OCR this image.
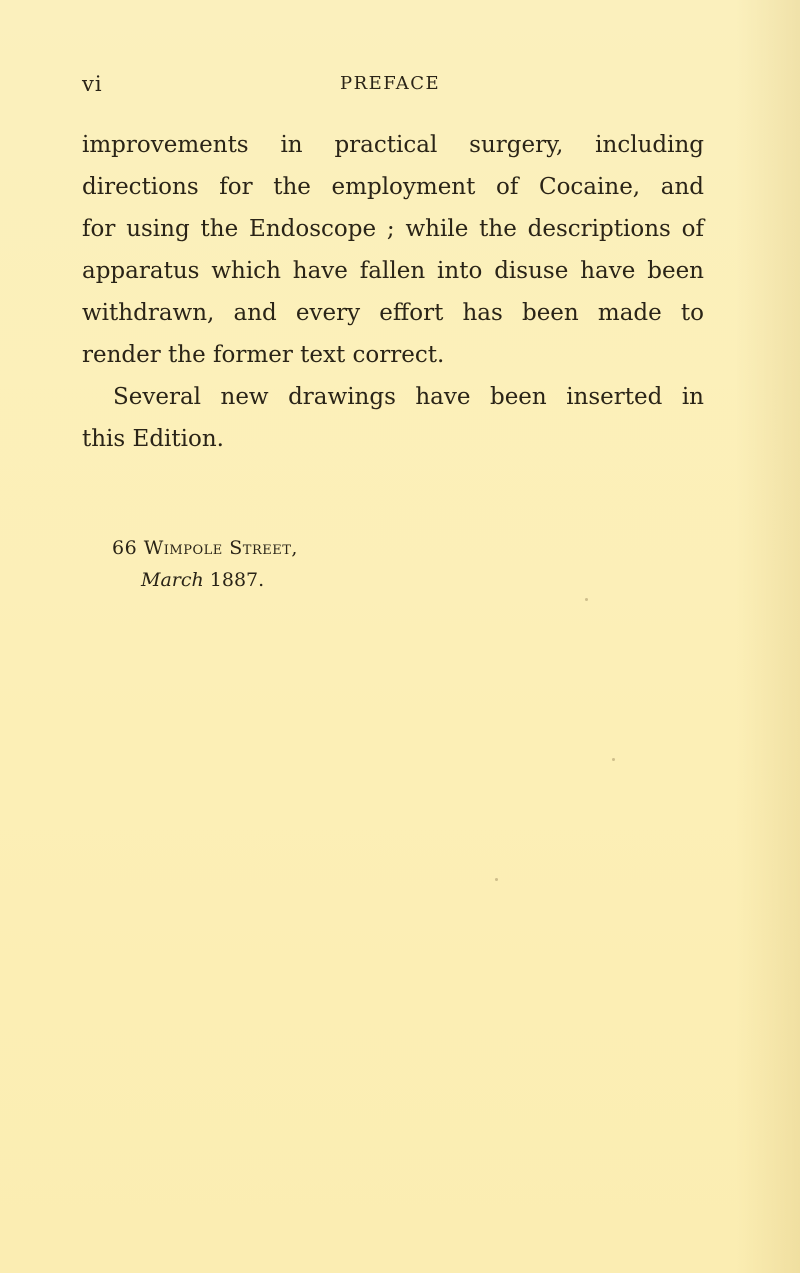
vi	PREFACE
improvements in practical surgery, including
directions for the employment of Cocaine, and
for using the Endoscope ; while the descriptions of
apparatus which have fallen into disuse have been
withdrawn, and every effort has been made to
render the former text correct.
Several new drawings have been inserted in
this Edition.
66 Wimpole Street,
March 1887.
